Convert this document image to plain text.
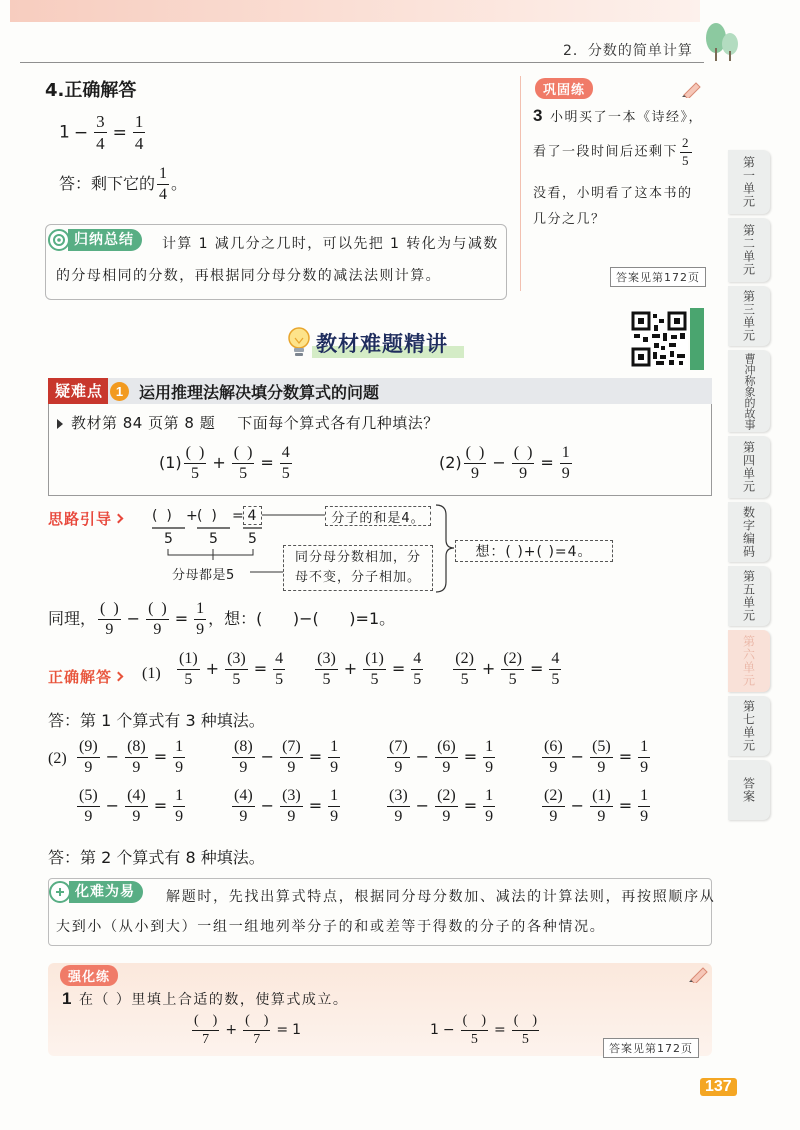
2．分数的简单计算
第一单元
第二单元
第三单元
曹冲称象的故事
第四单元
数字编码
第五单元
第六单元
第七单元
答案
4.正确解答
$1 - \frac{3}{4} = \frac{1}{4}$
答：剩下它的 $\frac{1}{4}$ 。
归纳总结	计算 1 减几分之几时，可以先把 1 转化为与减数
的分母相同的分数，再根据同分母分数的减法法则计算。
巩固练
3 小明买了一本《诗经》，
看了一段时间后还剩下 $\frac{2}{5}$
没看，小明看了这本书的
几分之几？
答案见第172页
教材难题精讲
疑难点 1 运用推理法解决填分数算式的问题
教材第 84 页第 8 题 下面每个算式各有几种填法？
$(1) \frac{( )}{5} + \frac{( )}{5} = \frac{4}{5}$	$(2) \frac{( )}{9} - \frac{( )}{9} = \frac{1}{9}$
思路引导	(  ) + (  ) = 4
5	5 5
分母都是5
分子的和是4。
同分母分数相加，分
母不变，分子相加。
想：( )+( )=4。
同理， $\frac{( )}{9} - \frac{( )}{9} = \frac{1}{9}$ ，想：(      )−(      )=1。
正确解答 $(1) \frac{(1)}{5} + \frac{(3)}{5} = \frac{4}{5} \frac{(3)}{5} + \frac{(1)}{5} = \frac{4}{5} \frac{(2)}{5} + \frac{(2)}{5} = \frac{4}{5}$
答：第 1 个算式有 3 种填法。
$(2) \frac{(9)}{9} - \frac{(8)}{9} = \frac{1}{9}$	$\frac{(8)}{9} - \frac{(7)}{9} = \frac{1}{9}$	$\frac{(7)}{9} - \frac{(6)}{9} = \frac{1}{9}$	$\frac{(6)}{9} - \frac{(5)}{9} = \frac{1}{9}$
$\frac{(5)}{9} - \frac{(4)}{9} = \frac{1}{9}$	$\frac{(4)}{9} - \frac{(3)}{9} = \frac{1}{9}$	$\frac{(3)}{9} - \frac{(2)}{9} = \frac{1}{9}$	$\frac{(2)}{9} - \frac{(1)}{9} = \frac{1}{9}$
答：第 2 个算式有 8 种填法。
化难为易	解题时，先找出算式特点，根据同分母分数加、减法的计算法则，再按照顺序从
大到小（从小到大）一组一组地列举分子的和或差等于得数的分子的各种情况。
强化练
1 在（ ）里填上合适的数，使算式成立。
$\frac{( )}{7} + \frac{( )}{7} = 1$	$1 - \frac{( )}{5} = \frac{( )}{5}$
答案见第172页
137
